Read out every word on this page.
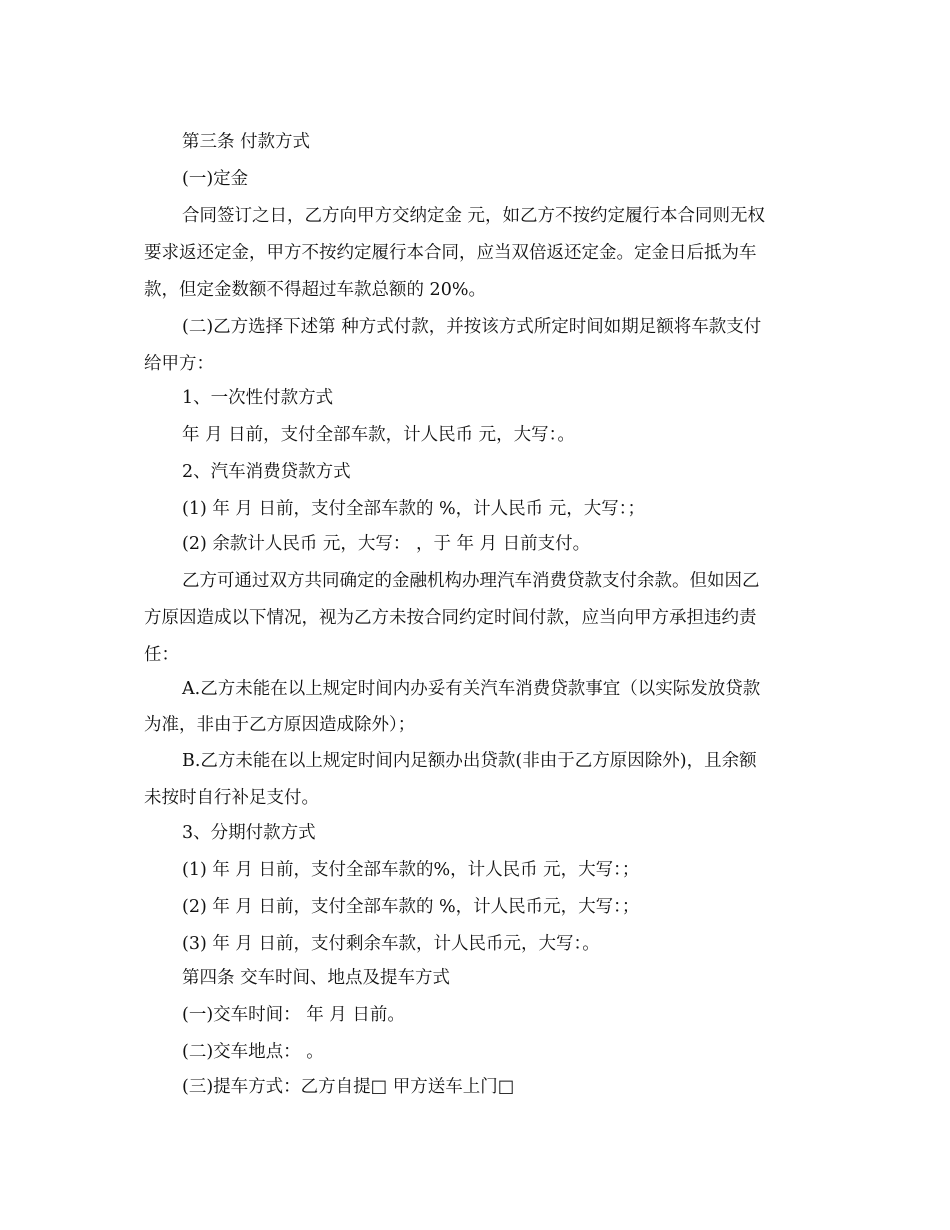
第三条 付款方式
(一)定金
合同签订之日，乙方向甲方交纳定金 元，如乙方不按约定履行本合同则无权
要求返还定金，甲方不按约定履行本合同，应当双倍返还定金。定金日后抵为车
款，但定金数额不得超过车款总额的 20%。
(二)乙方选择下述第 种方式付款，并按该方式所定时间如期足额将车款支付
给甲方：
1、一次性付款方式
年 月 日前，支付全部车款，计人民币 元，大写：。
2、汽车消费贷款方式
(1) 年 月 日前，支付全部车款的 %，计人民币 元，大写：；
(2) 余款计人民币 元，大写： ，于 年 月 日前支付。
乙方可通过双方共同确定的金融机构办理汽车消费贷款支付余款。但如因乙
方原因造成以下情况，视为乙方未按合同约定时间付款，应当向甲方承担违约责
任：
A.乙方未能在以上规定时间内办妥有关汽车消费贷款事宜（以实际发放贷款
为准，非由于乙方原因造成除外）；
B.乙方未能在以上规定时间内足额办出贷款(非由于乙方原因除外)，且余额
未按时自行补足支付。
3、分期付款方式
(1) 年 月 日前，支付全部车款的%，计人民币 元，大写：；
(2) 年 月 日前，支付全部车款的 %，计人民币元，大写：；
(3) 年 月 日前，支付剩余车款，计人民币元，大写：。
第四条 交车时间、地点及提车方式
(一)交车时间： 年 月 日前。
(二)交车地点： 。
(三)提车方式：乙方自提□ 甲方送车上门□
